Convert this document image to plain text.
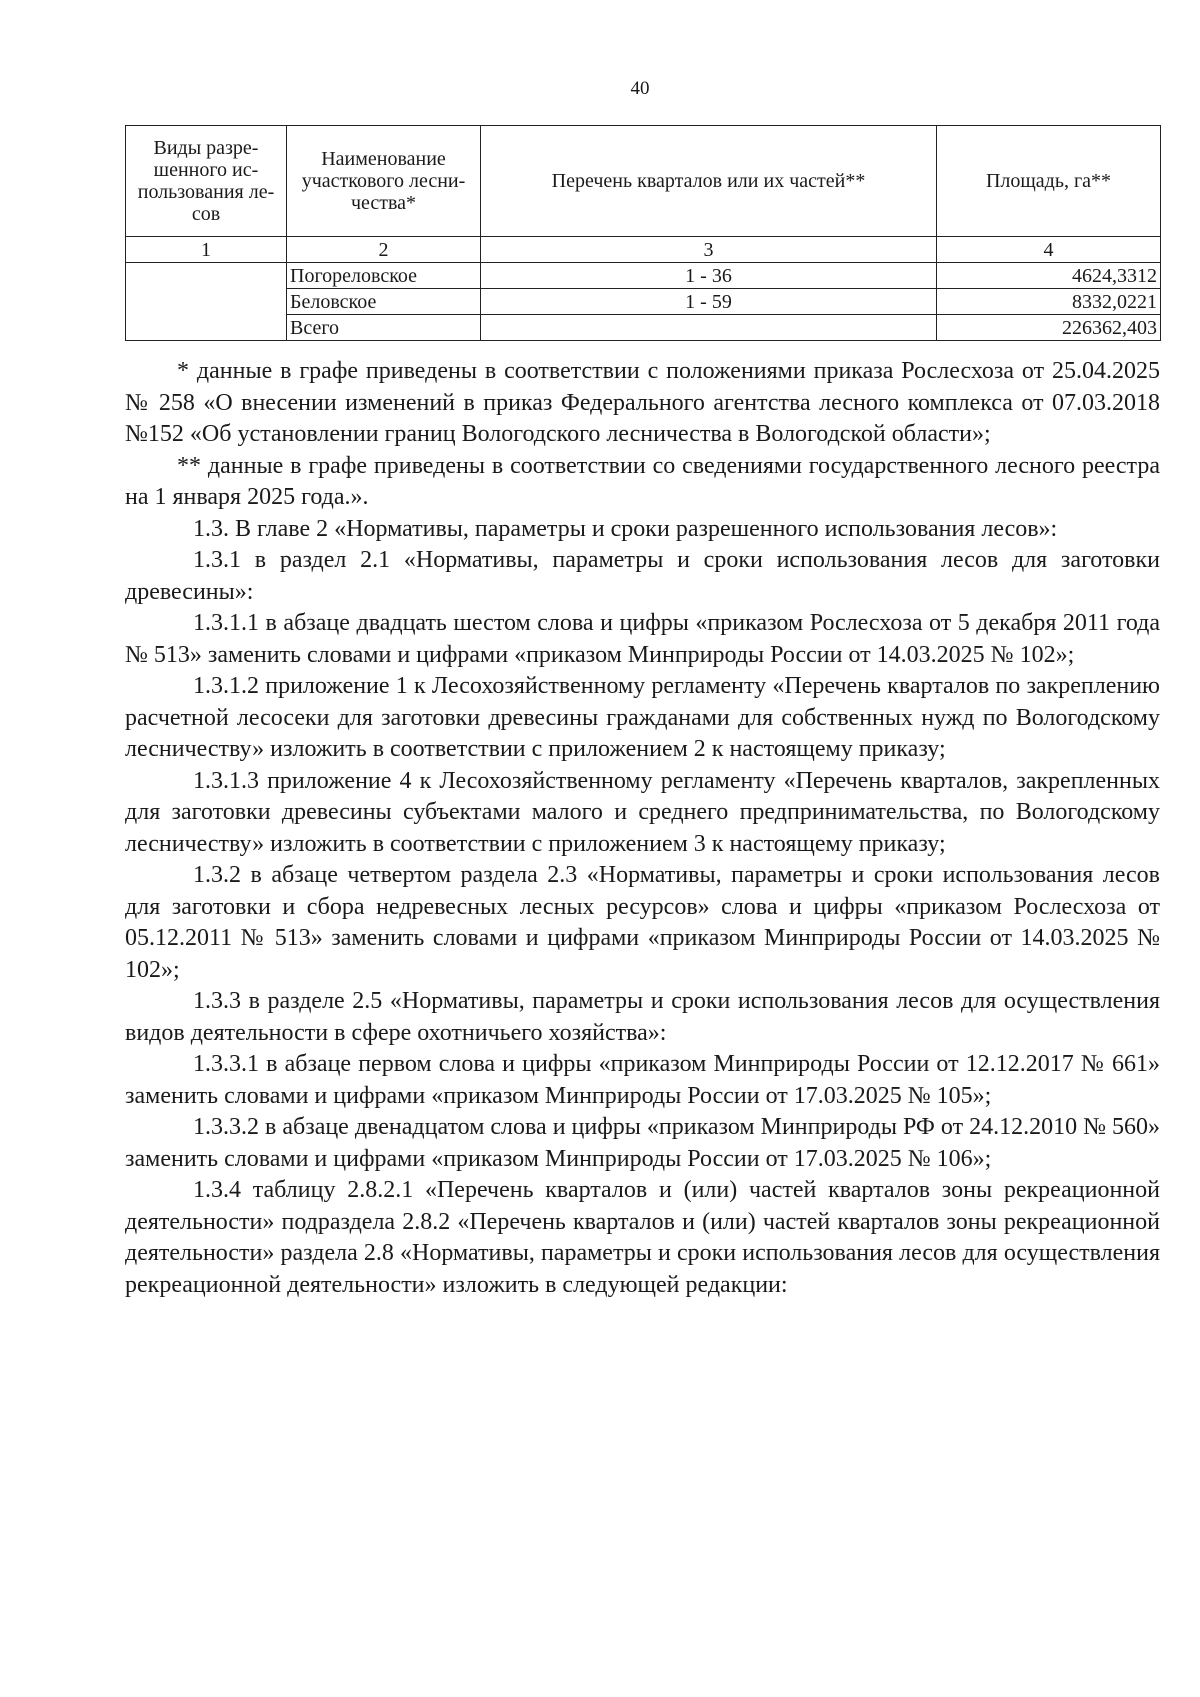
40
Виды разре-шенного ис-пользования ле-сов	Наименование участкового лесни-чества*	Перечень кварталов или их частей**	Площадь, га**
1	2	3	4
	Погореловское	1 - 36	4624,3312
	Беловское	1 - 59	8332,0221
	Всего		226362,403

* данные в графе приведены в соответствии с положениями приказа Рослесхоза от 25.04.2025 № 258 «О внесении изменений в приказ Федерального агентства лесного комплекса от 07.03.2018 №152 «Об установлении границ Вологодского лесничества в Вологодской области»;

** данные в графе приведены в соответствии со сведениями государственного лесного реестра на 1 января 2025 года.».

1.3. В главе 2 «Нормативы, параметры и сроки разрешенного использования лесов»:

1.3.1 в раздел 2.1 «Нормативы, параметры и сроки использования лесов для заготовки древесины»:

1.3.1.1 в абзаце двадцать шестом слова и цифры «приказом Рослесхоза от 5 декабря 2011 года № 513» заменить словами и цифрами «приказом Минприроды России от 14.03.2025 № 102»;

1.3.1.2 приложение 1 к Лесохозяйственному регламенту «Перечень кварталов по закреплению расчетной лесосеки для заготовки древесины гражданами для собственных нужд по Вологодскому лесничеству» изложить в соответствии с приложением 2 к настоящему приказу;

1.3.1.3 приложение 4 к Лесохозяйственному регламенту «Перечень кварталов, закрепленных для заготовки древесины субъектами малого и среднего предпринимательства, по Вологодскому лесничеству» изложить в соответствии с приложением 3 к настоящему приказу;

1.3.2 в абзаце четвертом раздела 2.3 «Нормативы, параметры и сроки использования лесов для заготовки и сбора недревесных лесных ресурсов» слова и цифры «приказом Рослесхоза от 05.12.2011 № 513» заменить словами и цифрами «приказом Минприроды России от 14.03.2025 № 102»;

1.3.3 в разделе 2.5 «Нормативы, параметры и сроки использования лесов для осуществления видов деятельности в сфере охотничьего хозяйства»:

1.3.3.1 в абзаце первом слова и цифры «приказом Минприроды России от 12.12.2017 № 661» заменить словами и цифрами «приказом Минприроды России от 17.03.2025 № 105»;

1.3.3.2 в абзаце двенадцатом слова и цифры «приказом Минприроды РФ от 24.12.2010 № 560» заменить словами и цифрами «приказом Минприроды России от 17.03.2025 № 106»;

1.3.4 таблицу 2.8.2.1 «Перечень кварталов и (или) частей кварталов зоны рекреационной деятельности» подраздела 2.8.2 «Перечень кварталов и (или) частей кварталов зоны рекреационной деятельности» раздела 2.8 «Нормативы, параметры и сроки использования лесов для осуществления рекреационной деятельности» изложить в следующей редакции:
